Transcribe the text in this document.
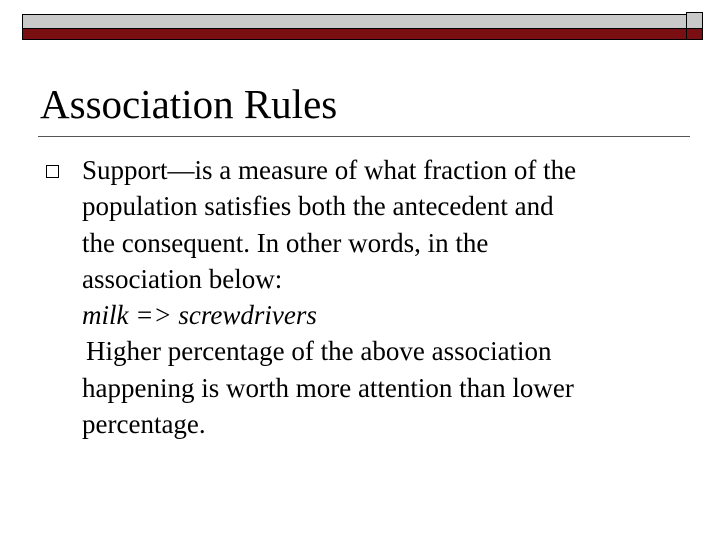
Association Rules

Support—is a measure of what fraction of the

population satisfies both the antecedent and

the consequent. In other words, in the

association below:

milk => screwdrivers

Higher percentage of the above association

happening is worth more attention than lower

percentage.
